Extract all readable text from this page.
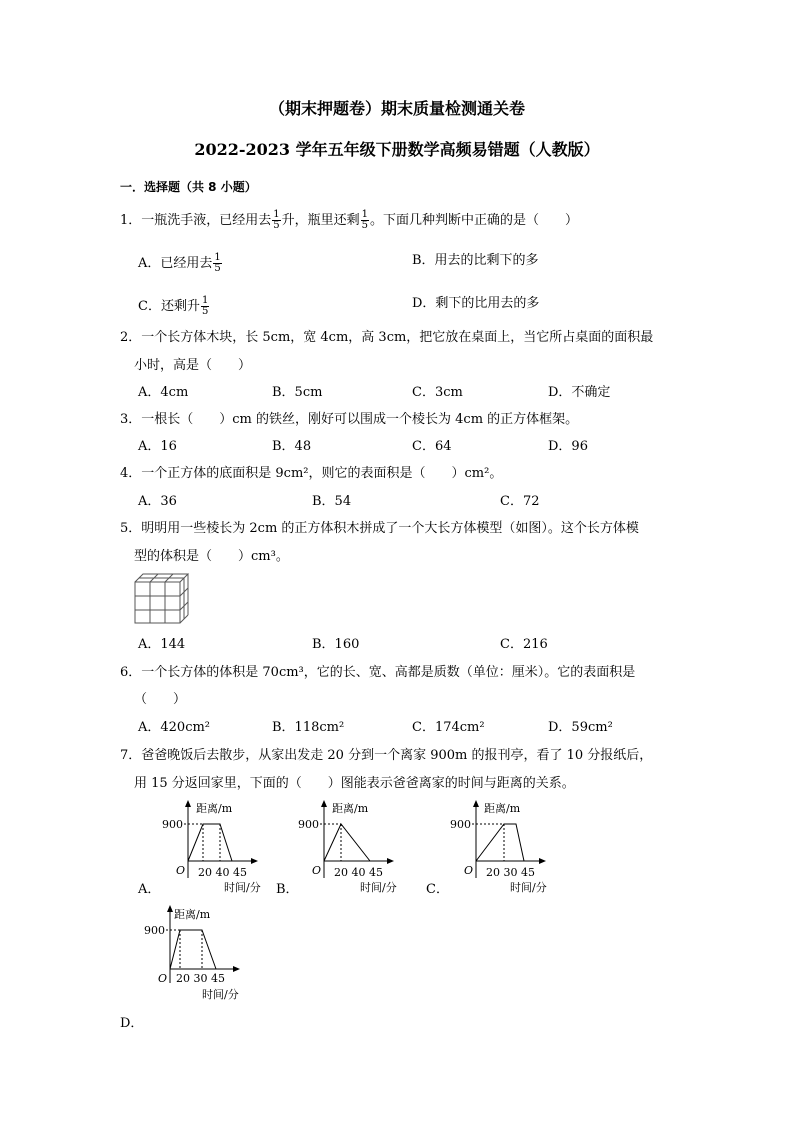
（期末押题卷）期末质量检测通关卷
2022-2023 学年五年级下册数学高频易错题（人教版）
一．选择题（共 8 小题）
1．一瓶洗手液，已经用去 $\frac{1}{5}$ 升，瓶里还剩 $\frac{1}{5}$ 。下面几种判断中正确的是（　　）
A．已经用去 $\frac{1}{5}$	B．用去的比剩下的多
C．还剩升 $\frac{1}{5}$	D．剩下的比用去的多
2．一个长方体木块，长 5cm，宽 4cm，高 3cm，把它放在桌面上，当它所占桌面的面积最
小时，高是（　　）
A．4cm	B．5cm	C．3cm	D．不确定
3．一根长（　　）cm 的铁丝，刚好可以围成一个棱长为 4cm 的正方体框架。
A．16	B．48	C．64	D．96
4．一个正方体的底面积是 9cm²，则它的表面积是（　　）cm²。
A．36	B．54	C．72
5．明明用一些棱长为 2cm 的正方体积木拼成了一个大长方体模型（如图）。这个长方体模
型的体积是（　　）cm³。
A．144	B．160	C．216
6．一个长方体的体积是 70cm³，它的长、宽、高都是质数（单位：厘米）。它的表面积是
（　　）
A．420cm²	B．118cm²	C．174cm²	D．59cm²
7．爸爸晚饭后去散步，从家出发走 20 分到一个离家 900m 的报刊亭，看了 10 分报纸后，
用 15 分返回家里，下面的（　　）图能表示爸爸离家的时间与距离的关系。
距离/m
900
O 20 40 45
时间/分
A．
距离/m
900
O 20 40 45
时间/分
B．
距离/m
900
O 20 30 45
时间/分
C．
距离/m
900
O 20 30 45
时间/分
D．
